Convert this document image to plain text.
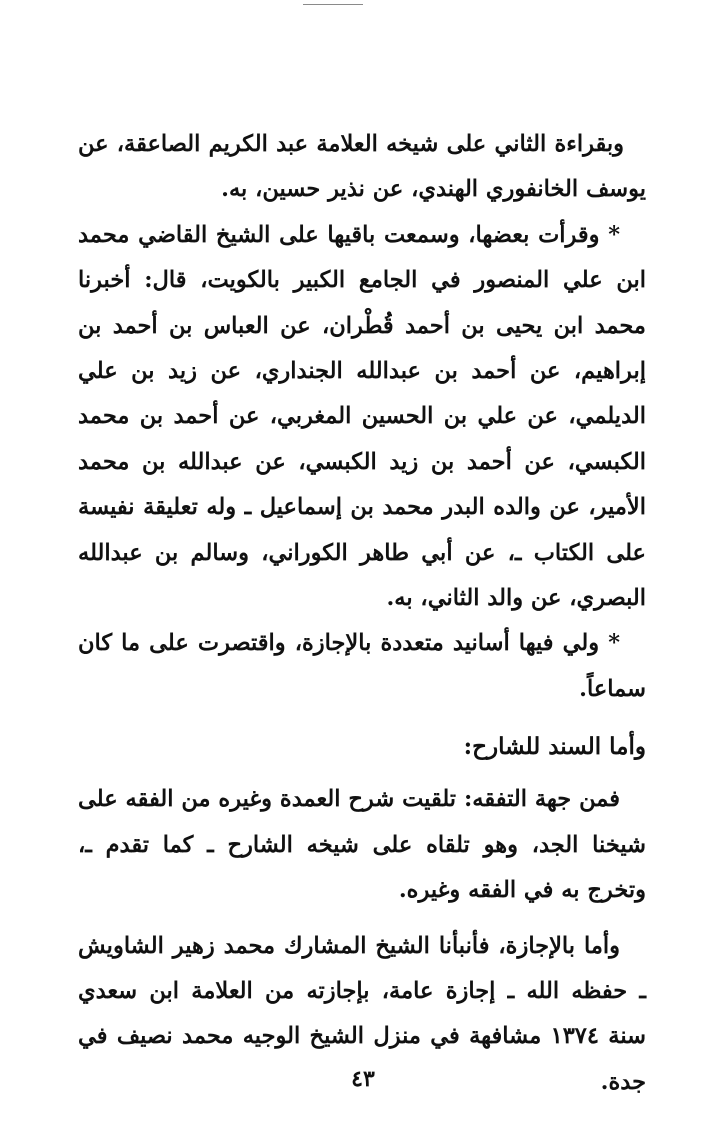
وبقراءة الثاني على شيخه العلامة عبد الكريم الصاعقة، عن يوسف الخانفوري الهندي، عن نذير حسين، به.

* وقرأت بعضها، وسمعت باقيها على الشيخ القاضي محمد ابن علي المنصور في الجامع الكبير بالكويت، قال: أخبرنا محمد ابن يحيى بن أحمد قُطْران، عن العباس بن أحمد بن إبراهيم، عن أحمد بن عبدالله الجنداري، عن زيد بن علي الديلمي، عن علي بن الحسين المغربي، عن أحمد بن محمد الكبسي، عن أحمد بن زيد الكبسي، عن عبدالله بن محمد الأمير، عن والده البدر محمد بن إسماعيل ـ وله تعليقة نفيسة على الكتاب ـ، عن أبي طاهر الكوراني، وسالم بن عبدالله البصري، عن والد الثاني، به.

* ولي فيها أسانيد متعددة بالإجازة، واقتصرت على ما كان سماعاً.

وأما السند للشارح:

فمن جهة التفقه: تلقيت شرح العمدة وغيره من الفقه على شيخنا الجد، وهو تلقاه على شيخه الشارح ـ كما تقدم ـ، وتخرج به في الفقه وغيره.

وأما بالإجازة، فأنبأنا الشيخ المشارك محمد زهير الشاويش ـ حفظه الله ـ إجازة عامة، بإجازته من العلامة ابن سعدي سنة ١٣٧٤ مشافهة في منزل الشيخ الوجيه محمد نصيف في جدة.

٤٣
